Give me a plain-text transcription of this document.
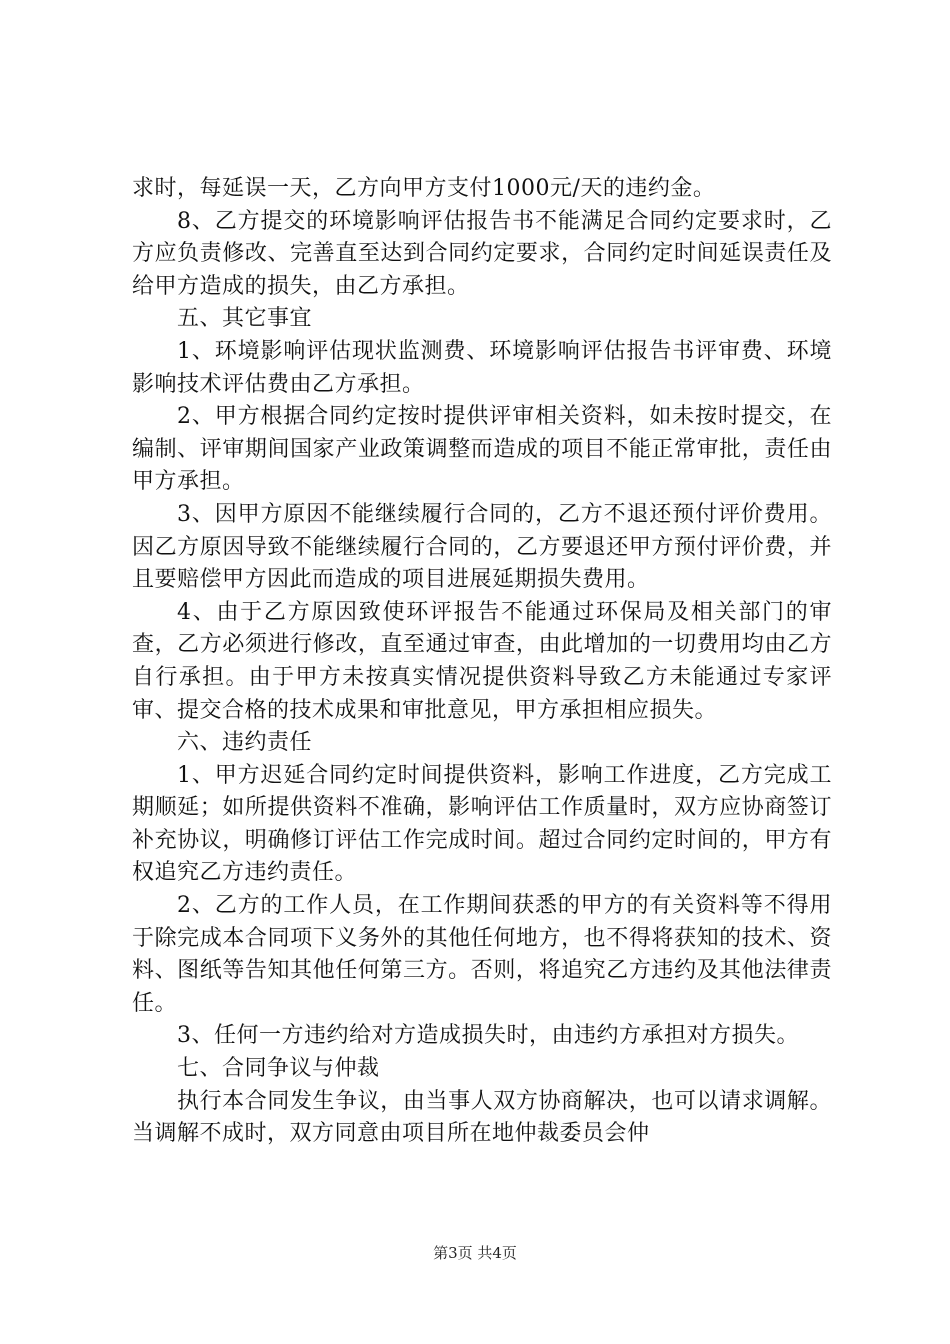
求时，每延误一天，乙方向甲方支付1000元/天的违约金。

8、乙方提交的环境影响评估报告书不能满足合同约定要求时，乙方应负责修改、完善直至达到合同约定要求，合同约定时间延误责任及给甲方造成的损失，由乙方承担。

五、其它事宜

1、环境影响评估现状监测费、环境影响评估报告书评审费、环境影响技术评估费由乙方承担。

2、甲方根据合同约定按时提供评审相关资料，如未按时提交，在编制、评审期间国家产业政策调整而造成的项目不能正常审批，责任由甲方承担。

3、因甲方原因不能继续履行合同的，乙方不退还预付评价费用。因乙方原因导致不能继续履行合同的，乙方要退还甲方预付评价费，并且要赔偿甲方因此而造成的项目进展延期损失费用。

4、由于乙方原因致使环评报告不能通过环保局及相关部门的审查，乙方必须进行修改，直至通过审查，由此增加的一切费用均由乙方自行承担。由于甲方未按真实情况提供资料导致乙方未能通过专家评审、提交合格的技术成果和审批意见，甲方承担相应损失。

六、违约责任

1、甲方迟延合同约定时间提供资料，影响工作进度，乙方完成工期顺延；如所提供资料不准确，影响评估工作质量时，双方应协商签订补充协议，明确修订评估工作完成时间。超过合同约定时间的，甲方有权追究乙方违约责任。

2、乙方的工作人员，在工作期间获悉的甲方的有关资料等不得用于除完成本合同项下义务外的其他任何地方，也不得将获知的技术、资料、图纸等告知其他任何第三方。否则，将追究乙方违约及其他法律责任。

3、任何一方违约给对方造成损失时，由违约方承担对方损失。

七、合同争议与仲裁

执行本合同发生争议，由当事人双方协商解决，也可以请求调解。当调解不成时，双方同意由项目所在地仲裁委员会仲

第3页 共4页
